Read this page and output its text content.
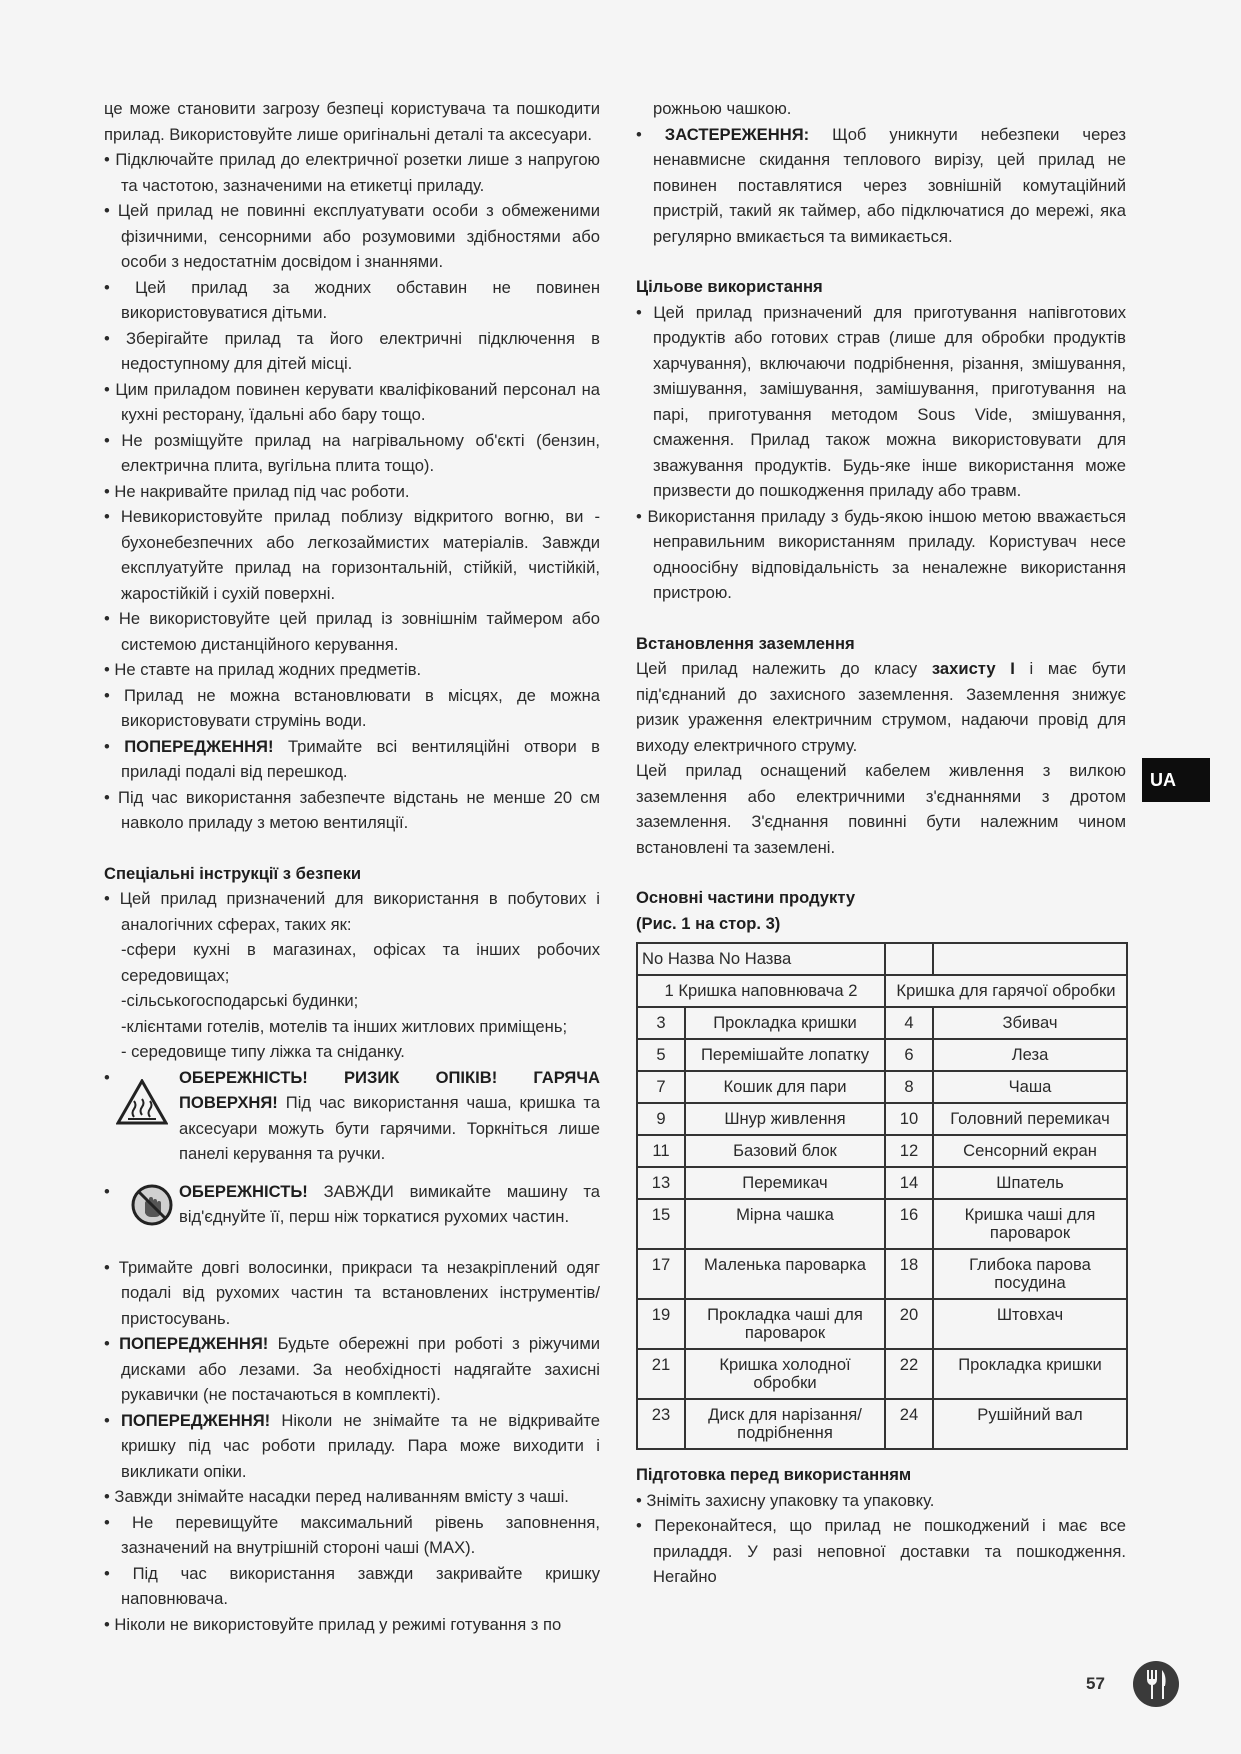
це може становити загрозу безпеці користувача та пошкодити прилад. Використовуйте лише оригінальні деталі та аксесуари.

• Підключайте прилад до електричної розетки лише з напругою та частотою, зазначеними на етикетці приладу.

• Цей прилад не повинні експлуатувати особи з обмеженими фізичними, сенсорними або розумовими здібностями або особи з недостатнім досвідом і знаннями.

• Цей прилад за жодних обставин не повинен використовуватися дітьми.

• Зберігайте прилад та його електричні підключення в недоступному для дітей місці.

• Цим приладом повинен керувати кваліфікований персонал на кухні ресторану, їдальні або бару тощо.

• Не розміщуйте прилад на нагрівальному об'єкті (бензин, електрична плита, вугільна плита тощо).

• Не накривайте прилад під час роботи.

• Невикористовуйте прилад поблизу відкритого вогню, ви - бухонебезпечних або легкозаймистих матеріалів. Завжди експлуатуйте прилад на горизонтальній, стійкій, чистійкій, жаростійкій і сухій поверхні.

• Не використовуйте цей прилад із зовнішнім таймером або системою дистанційного керування.

• Не ставте на прилад жодних предметів.

• Прилад не можна встановлювати в місцях, де можна використовувати струмінь води.

• ПОПЕРЕДЖЕННЯ! Тримайте всі вентиляційні отвори в приладі подалі від перешкод.

• Під час використання забезпечте відстань не менше 20 см навколо приладу з метою вентиляції.

Спеціальні інструкції з безпеки

• Цей прилад призначений для використання в побутових і аналогічних сферах, таких як:

-сфери кухні в магазинах, офісах та інших робочих середовищах;

-сільськогосподарські будинки;

-клієнтами готелів, мотелів та інших житлових приміщень;

- середовище типу ліжка та сніданку.

•	ОБЕРЕЖНІСТЬ! РИЗИК ОПІКІВ! ГАРЯЧА ПОВЕРХНЯ! Під час використання чаша, кришка та аксесуари можуть бути гарячими. Торкніться лише панелі керування та ручки.

•	ОБЕРЕЖНІСТЬ! ЗАВЖДИ вимикайте машину та від'єднуйте її, перш ніж торкатися рухомих частин.

• Тримайте довгі волосинки, прикраси та незакріплений одяг подалі від рухомих частин та встановлених інструментів/пристосувань.

• ПОПЕРЕДЖЕННЯ! Будьте обережні при роботі з ріжучими дисками або лезами. За необхідності надягайте захисні рукавички (не постачаються в комплекті).

• ПОПЕРЕДЖЕННЯ! Ніколи не знімайте та не відкривайте кришку під час роботи приладу. Пара може виходити і викликати опіки.

• Завжди знімайте насадки перед наливанням вмісту з чаші.

• Не перевищуйте максимальний рівень заповнення, зазначений на внутрішній стороні чаші (MAX).

• Під час використання завжди закривайте кришку наповнювача.

• Ніколи не використовуйте прилад у режимі готування з по

рожньою чашкою.

• ЗАСТЕРЕЖЕННЯ: Щоб уникнути небезпеки через ненавмисне скидання теплового вирізу, цей прилад не повинен поставлятися через зовнішній комутаційний пристрій, такий як таймер, або підключатися до мережі, яка регулярно вмикається та вимикається.

Цільове використання

• Цей прилад призначений для приготування напівготових продуктів або готових страв (лише для обробки продуктів харчування), включаючи подрібнення, різання, змішування, змішування, замішування, замішування, приготування на парі, приготування методом Sous Vide, змішування, смаження. Прилад також можна використовувати для зважування продуктів. Будь-яке інше використання може призвести до пошкодження приладу або травм.

• Використання приладу з будь-якою іншою метою вважається неправильним використанням приладу. Користувач несе одноосібну відповідальність за неналежне використання пристрою.

Встановлення заземлення

Цей прилад належить до класу захисту I і має бути під'єднаний до захисного заземлення. Заземлення знижує ризик ураження електричним струмом, надаючи провід для виходу електричного струму.

Цей прилад оснащений кабелем живлення з вилкою заземлення або електричними з'єднаннями з дротом заземлення. З'єднання повинні бути належним чином встановлені та заземлені.

Основні частини продукту
(Рис. 1 на стор. 3)
No Назва No Назва			
1 Кришка наповнювача 2		Кришка для гарячої обробки	
3	Прокладка кришки	4	Збивач
5	Перемішайте лопатку	6	Леза
7	Кошик для пари	8	Чаша
9	Шнур живлення	10	Головний перемикач
11	Базовий блок	12	Сенсорний екран
13	Перемикач	14	Шпатель
15	Мірна чашка	16	Кришка чаші для пароварок
17	Маленька пароварка	18	Глибока парова посудина
19	Прокладка чаші для пароварок	20	Штовхач
21	Кришка холодної обробки	22	Прокладка кришки
23	Диск для нарізання/подрібнення	24	Рушійний вал
Підготовка перед використанням

• Зніміть захисну упаковку та упаковку.

• Переконайтеся, що прилад не пошкоджений і має все приладдя. У разі неповної доставки та пошкодження. Негайно

UA
57
